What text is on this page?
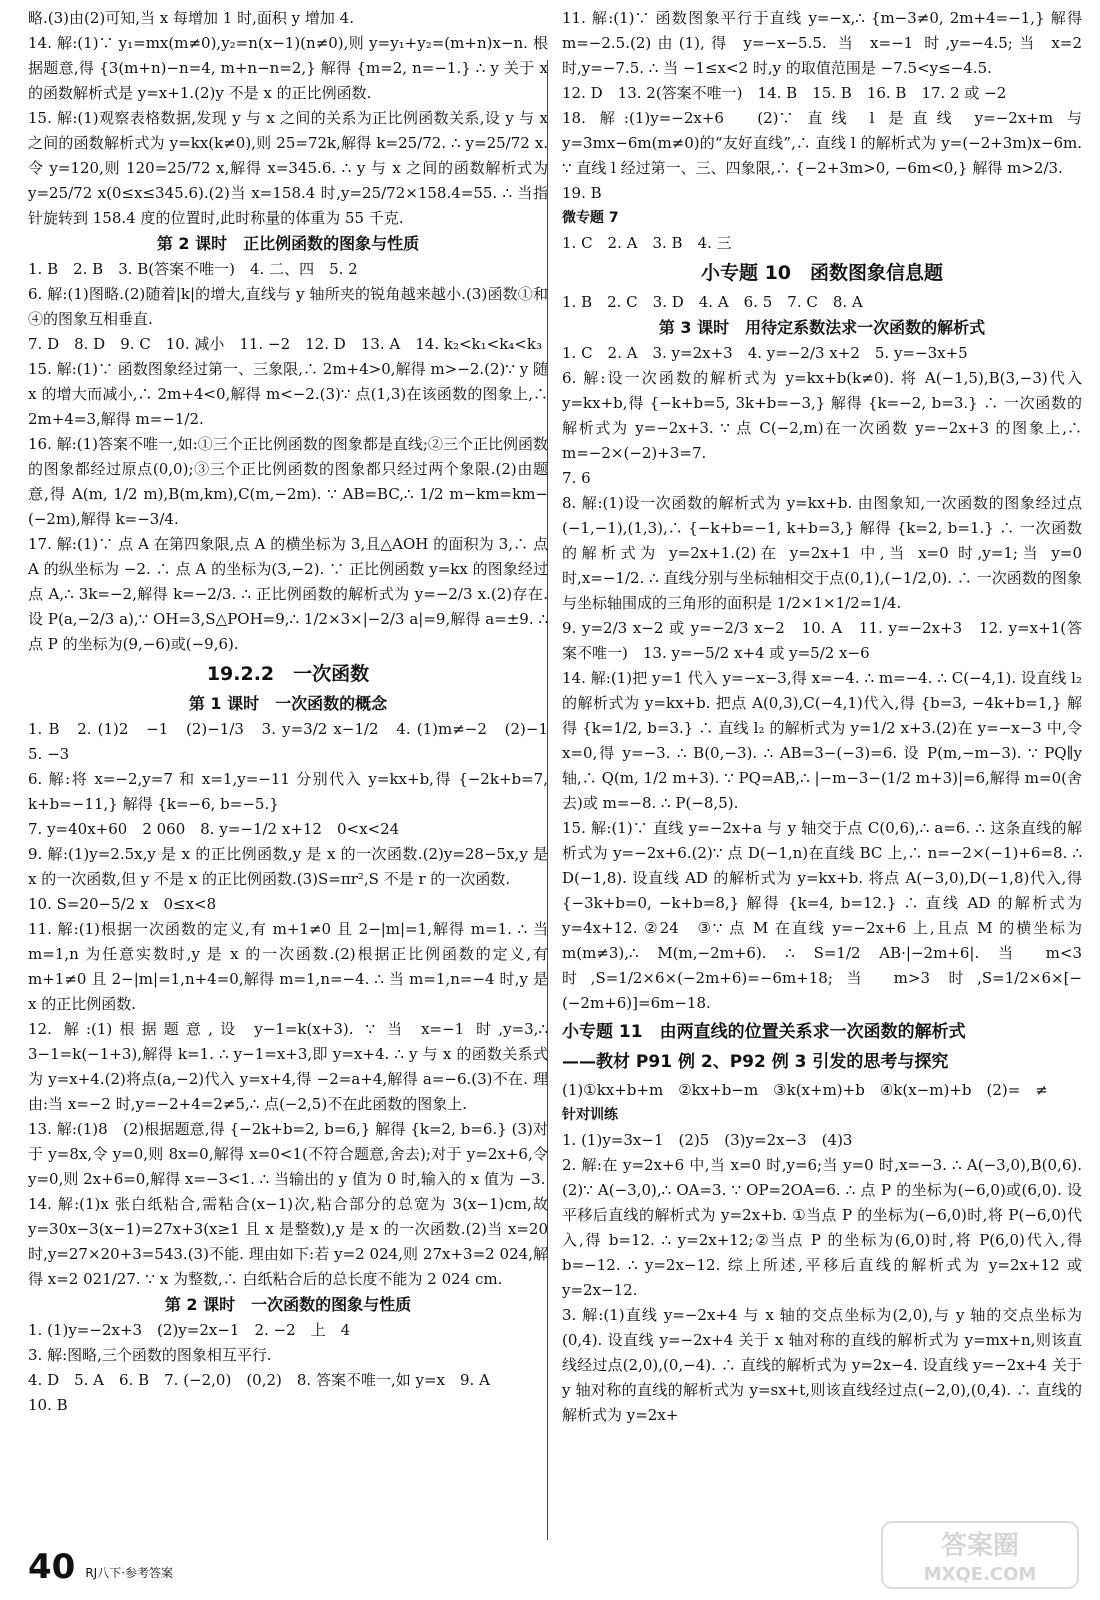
略.(3)由(2)可知,当 x 每增加 1 时,面积 y 增加 4.

14. 解:(1)∵ y₁=mx(m≠0),y₂=n(x−1)(n≠0),则 y=y₁+y₂=(m+n)x−n. 根据题意,得 {3(m+n)−n=4, m+n−n=2,} 解得 {m=2, n=−1.} ∴ y 关于 x 的函数解析式是 y=x+1.(2)y 不是 x 的正比例函数.

15. 解:(1)观察表格数据,发现 y 与 x 之间的关系为正比例函数关系,设 y 与 x 之间的函数解析式为 y=kx(k≠0),则 25=72k,解得 k=25/72. ∴ y=25/72 x. 令 y=120,则 120=25/72 x,解得 x=345.6. ∴ y 与 x 之间的函数解析式为 y=25/72 x(0≤x≤345.6).(2)当 x=158.4 时,y=25/72×158.4=55. ∴ 当指针旋转到 158.4 度的位置时,此时称量的体重为 55 千克.

第 2 课时　正比例函数的图象与性质

1. B　2. B　3. B(答案不唯一)　4. 二、四　5. 2

6. 解:(1)图略.(2)随着|k|的增大,直线与 y 轴所夹的锐角越来越小.(3)函数①和④的图象互相垂直.

7. D　8. D　9. C　10. 减小　11. −2　12. D　13. A　14. k₂<k₁<k₄<k₃

15. 解:(1)∵ 函数图象经过第一、三象限,∴ 2m+4>0,解得 m>−2.(2)∵ y 随 x 的增大而减小,∴ 2m+4<0,解得 m<−2.(3)∵ 点(1,3)在该函数的图象上,∴ 2m+4=3,解得 m=−1/2.

16. 解:(1)答案不唯一,如:①三个正比例函数的图象都是直线;②三个正比例函数的图象都经过原点(0,0);③三个正比例函数的图象都只经过两个象限.(2)由题意,得 A(m, 1/2 m),B(m,km),C(m,−2m). ∵ AB=BC,∴ 1/2 m−km=km−(−2m),解得 k=−3/4.

17. 解:(1)∵ 点 A 在第四象限,点 A 的横坐标为 3,且△AOH 的面积为 3,∴ 点 A 的纵坐标为 −2. ∴ 点 A 的坐标为(3,−2). ∵ 正比例函数 y=kx 的图象经过点 A,∴ 3k=−2,解得 k=−2/3. ∴ 正比例函数的解析式为 y=−2/3 x.(2)存在. 设 P(a,−2/3 a),∵ OH=3,S△POH=9,∴ 1/2×3×|−2/3 a|=9,解得 a=±9. ∴ 点 P 的坐标为(9,−6)或(−9,6).

19.2.2　一次函数
第 1 课时　一次函数的概念

1. B　2. (1)2　−1　(2)−1/3　3. y=3/2 x−1/2　4. (1)m≠−2　(2)−1　5. −3

6. 解:将 x=−2,y=7 和 x=1,y=−11 分别代入 y=kx+b,得 {−2k+b=7, k+b=−11,} 解得 {k=−6, b=−5.}

7. y=40x+60　2 060　8. y=−1/2 x+12　0<x<24

9. 解:(1)y=2.5x,y 是 x 的正比例函数,y 是 x 的一次函数.(2)y=28−5x,y 是 x 的一次函数,但 y 不是 x 的正比例函数.(3)S=πr²,S 不是 r 的一次函数.

10. S=20−5/2 x　0≤x<8

11. 解:(1)根据一次函数的定义,有 m+1≠0 且 2−|m|=1,解得 m=1. ∴ 当 m=1,n 为任意实数时,y 是 x 的一次函数.(2)根据正比例函数的定义,有 m+1≠0 且 2−|m|=1,n+4=0,解得 m=1,n=−4. ∴ 当 m=1,n=−4 时,y 是 x 的正比例函数.

12. 解:(1)根据题意,设 y−1=k(x+3). ∵ 当 x=−1 时,y=3,∴ 3−1=k(−1+3),解得 k=1. ∴ y−1=x+3,即 y=x+4. ∴ y 与 x 的函数关系式为 y=x+4.(2)将点(a,−2)代入 y=x+4,得 −2=a+4,解得 a=−6.(3)不在. 理由:当 x=−2 时,y=−2+4=2≠5,∴ 点(−2,5)不在此函数的图象上.

13. 解:(1)8　(2)根据题意,得 {−2k+b=2, b=6,} 解得 {k=2, b=6.} (3)对于 y=8x,令 y=0,则 8x=0,解得 x=0<1(不符合题意,舍去);对于 y=2x+6,令 y=0,则 2x+6=0,解得 x=−3<1. ∴ 当输出的 y 值为 0 时,输入的 x 值为 −3.

14. 解:(1)x 张白纸粘合,需粘合(x−1)次,粘合部分的总宽为 3(x−1)cm,故 y=30x−3(x−1)=27x+3(x≥1 且 x 是整数),y 是 x 的一次函数.(2)当 x=20 时,y=27×20+3=543.(3)不能. 理由如下:若 y=2 024,则 27x+3=2 024,解得 x=2 021/27. ∵ x 为整数,∴ 白纸粘合后的总长度不能为 2 024 cm.

第 2 课时　一次函数的图象与性质

1. (1)y=−2x+3　(2)y=2x−1　2. −2　上　4

3. 解:图略,三个函数的图象相互平行.

4. D　5. A　6. B　7. (−2,0)　(0,2)　8. 答案不唯一,如 y=x　9. A

10. B

11. 解:(1)∵ 函数图象平行于直线 y=−x,∴ {m−3≠0, 2m+4=−1,} 解得 m=−2.5.(2)由(1),得 y=−x−5.5. 当 x=−1 时,y=−4.5;当 x=2 时,y=−7.5. ∴ 当 −1≤x<2 时,y 的取值范围是 −7.5<y≤−4.5.

12. D　13. 2(答案不唯一)　14. B　15. B　16. B　17. 2 或 −2

18. 解:(1)y=−2x+6　(2)∵ 直线 l 是直线 y=−2x+m 与 y=3mx−6m(m≠0)的“友好直线”,∴ 直线 l 的解析式为 y=(−2+3m)x−6m. ∵ 直线 l 经过第一、三、四象限,∴ {−2+3m>0, −6m<0,} 解得 m>2/3.

19. B

微专题 7

1. C　2. A　3. B　4. 三

小专题 10　函数图象信息题

1. B　2. C　3. D　4. A　6. 5　7. C　8. A

第 3 课时　用待定系数法求一次函数的解析式

1. C　2. A　3. y=2x+3　4. y=−2/3 x+2　5. y=−3x+5

6. 解:设一次函数的解析式为 y=kx+b(k≠0). 将 A(−1,5),B(3,−3)代入 y=kx+b,得 {−k+b=5, 3k+b=−3,} 解得 {k=−2, b=3.} ∴ 一次函数的解析式为 y=−2x+3. ∵ 点 C(−2,m)在一次函数 y=−2x+3 的图象上,∴ m=−2×(−2)+3=7.

7. 6

8. 解:(1)设一次函数的解析式为 y=kx+b. 由图象知,一次函数的图象经过点(−1,−1),(1,3),∴ {−k+b=−1, k+b=3,} 解得 {k=2, b=1.} ∴ 一次函数的解析式为 y=2x+1.(2)在 y=2x+1 中,当 x=0 时,y=1;当 y=0 时,x=−1/2. ∴ 直线分别与坐标轴相交于点(0,1),(−1/2,0). ∴ 一次函数的图象与坐标轴围成的三角形的面积是 1/2×1×1/2=1/4.

9. y=2/3 x−2 或 y=−2/3 x−2　10. A　11. y=−2x+3　12. y=x+1(答案不唯一)　13. y=−5/2 x+4 或 y=5/2 x−6

14. 解:(1)把 y=1 代入 y=−x−3,得 x=−4. ∴ m=−4. ∴ C(−4,1). 设直线 l₂ 的解析式为 y=kx+b. 把点 A(0,3),C(−4,1)代入,得 {b=3, −4k+b=1,} 解得 {k=1/2, b=3.} ∴ 直线 l₂ 的解析式为 y=1/2 x+3.(2)在 y=−x−3 中,令 x=0,得 y=−3. ∴ B(0,−3). ∴ AB=3−(−3)=6. 设 P(m,−m−3). ∵ PQ∥y 轴,∴ Q(m, 1/2 m+3). ∵ PQ=AB,∴ |−m−3−(1/2 m+3)|=6,解得 m=0(舍去)或 m=−8. ∴ P(−8,5).

15. 解:(1)∵ 直线 y=−2x+a 与 y 轴交于点 C(0,6),∴ a=6. ∴ 这条直线的解析式为 y=−2x+6.(2)∵ 点 D(−1,n)在直线 BC 上,∴ n=−2×(−1)+6=8. ∴ D(−1,8). 设直线 AD 的解析式为 y=kx+b. 将点 A(−3,0),D(−1,8)代入,得 {−3k+b=0, −k+b=8,} 解得 {k=4, b=12.} ∴ 直线 AD 的解析式为 y=4x+12. ②24　③∵ 点 M 在直线 y=−2x+6 上,且点 M 的横坐标为 m(m≠3),∴ M(m,−2m+6). ∴ S=1/2 AB·|−2m+6|. 当 m<3 时,S=1/2×6×(−2m+6)=−6m+18;当 m>3 时,S=1/2×6×[−(−2m+6)]=6m−18.

小专题 11　由两直线的位置关系求一次函数的解析式
——教材 P91 例 2、P92 例 3 引发的思考与探究

(1)①kx+b+m　②kx+b−m　③k(x+m)+b　④k(x−m)+b　(2)=　≠

针对训练

1. (1)y=3x−1　(2)5　(3)y=2x−3　(4)3

2. 解:在 y=2x+6 中,当 x=0 时,y=6;当 y=0 时,x=−3. ∴ A(−3,0),B(0,6).(2)∵ A(−3,0),∴ OA=3. ∵ OP=2OA=6. ∴ 点 P 的坐标为(−6,0)或(6,0). 设平移后直线的解析式为 y=2x+b. ①当点 P 的坐标为(−6,0)时,将 P(−6,0)代入,得 b=12. ∴ y=2x+12;②当点 P 的坐标为(6,0)时,将 P(6,0)代入,得 b=−12. ∴ y=2x−12. 综上所述,平移后直线的解析式为 y=2x+12 或 y=2x−12.

3. 解:(1)直线 y=−2x+4 与 x 轴的交点坐标为(2,0),与 y 轴的交点坐标为(0,4). 设直线 y=−2x+4 关于 x 轴对称的直线的解析式为 y=mx+n,则该直线经过点(2,0),(0,−4). ∴ 直线的解析式为 y=2x−4. 设直线 y=−2x+4 关于 y 轴对称的直线的解析式为 y=sx+t,则该直线经过点(−2,0),(0,4). ∴ 直线的解析式为 y=2x+

40 RJ八下·参考答案
答案圈
MXQE.COM
